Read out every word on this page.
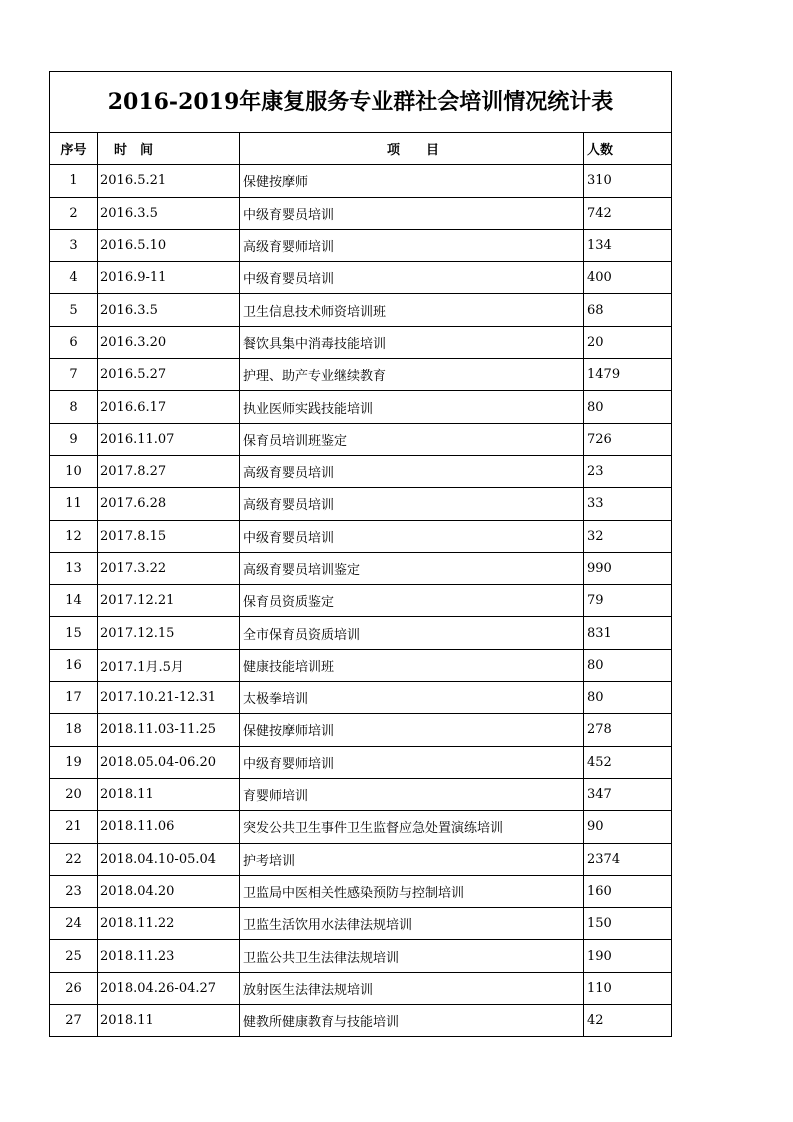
2016-2019年康复服务专业群社会培训情况统计表
序号	时　间	项　　目	人数
1	2016.5.21	保健按摩师	310
2	2016.3.5	中级育婴员培训	742
3	2016.5.10	高级育婴师培训	134
4	2016.9-11	中级育婴员培训	400
5	2016.3.5	卫生信息技术师资培训班	68
6	2016.3.20	餐饮具集中消毒技能培训	20
7	2016.5.27	护理、助产专业继续教育	1479
8	2016.6.17	执业医师实践技能培训	80
9	2016.11.07	保育员培训班鉴定	726
10	2017.8.27	高级育婴员培训	23
11	2017.6.28	高级育婴员培训	33
12	2017.8.15	中级育婴员培训	32
13	2017.3.22	高级育婴员培训鉴定	990
14	2017.12.21	保育员资质鉴定	79
15	2017.12.15	全市保育员资质培训	831
16	2017.1月.5月	健康技能培训班	80
17	2017.10.21-12.31	太极拳培训	80
18	2018.11.03-11.25	保健按摩师培训	278
19	2018.05.04-06.20	中级育婴师培训	452
20	2018.11	育婴师培训	347
21	2018.11.06	突发公共卫生事件卫生监督应急处置演练培训	90
22	2018.04.10-05.04	护考培训	2374
23	2018.04.20	卫监局中医相关性感染预防与控制培训	160
24	2018.11.22	卫监生活饮用水法律法规培训	150
25	2018.11.23	卫监公共卫生法律法规培训	190
26	2018.04.26-04.27	放射医生法律法规培训	110
27	2018.11	健教所健康教育与技能培训	42
